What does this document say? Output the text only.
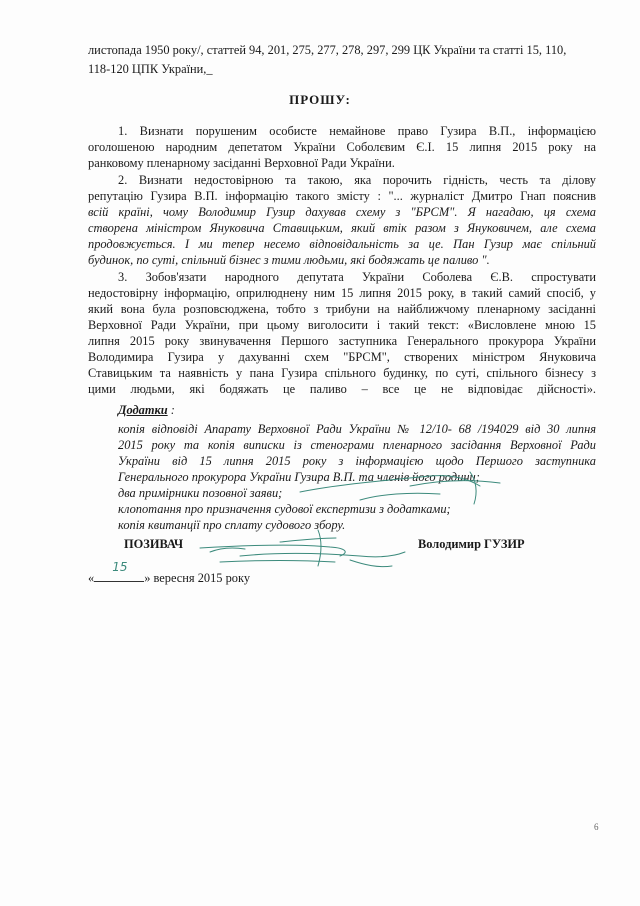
листопада 1950 року/, статтей 94, 201, 275, 277, 278, 297, 299 ЦК України та статті 15, 110,
118-120 ЦПК України,_
ПРОШУ:
1. Визнати порушеним особисте немайнове право Гузира В.П., інформацією
оголошеною народним депетатом України Соболєвим Є.І. 15 липня 2015 року на
ранковому пленарному засіданні Верховної Ради України.
2. Визнати недостовірною та такою, яка порочить гідність, честь та ділову
репутацію Гузира В.П. інформацію такого змісту : "... журналіст Дмитро Гнап пояснив
всій країні, чому Володимир Гузир дахував схему з "БРСМ". Я нагадаю, ця схема
створена міністром Януковича Ставицьким, який втік разом з Януковичем, але схема
продовжується. І ми тепер несемо відповідальність за це. Пан Гузир має спільний
будинок, по суті, спільний бізнес з тими людьми, які бодяжать це паливо ".
3. Зобов'язати народного депутата України Соболева Є.В. спростувати
недостовірну інформацію, оприлюднену ним 15 липня 2015 року, в такий самий спосіб, у
який вона була розповсюджена, тобто з трибуни на найближчому пленарному засіданні
Верховної Ради України, при цьому виголосити і такий текст: «Висловлене мною 15
липня 2015 року звинувачення Першого заступника Генерального прокурора України
Володимира Гузира у дахуванні схем "БРСМ", створених міністром Януковича
Ставицьким та наявність у пана Гузира спільного будинку, по суті, спільного бізнесу з
цими людьми, які бодяжать це паливо – все це не відповідає дійсності».
Додатки :
копія відповіді Апарату Верховної Ради України № 12/10- 68 /194029 від 30 липня
2015 року та копія виписки із стенограми пленарного засідання Верховної Ради
України від 15 липня 2015 року з інформацією щодо Першого заступника
Генерального прокурора України Гузира В.П. та членів його родини;
два примірники позовної заяви;
клопотання про призначення судової експертизи з додатками;
копія квитанції про сплату судового збору.
ПОЗИВАЧ	Володимир ГУЗИР
«
15
» вересня 2015 року
6
